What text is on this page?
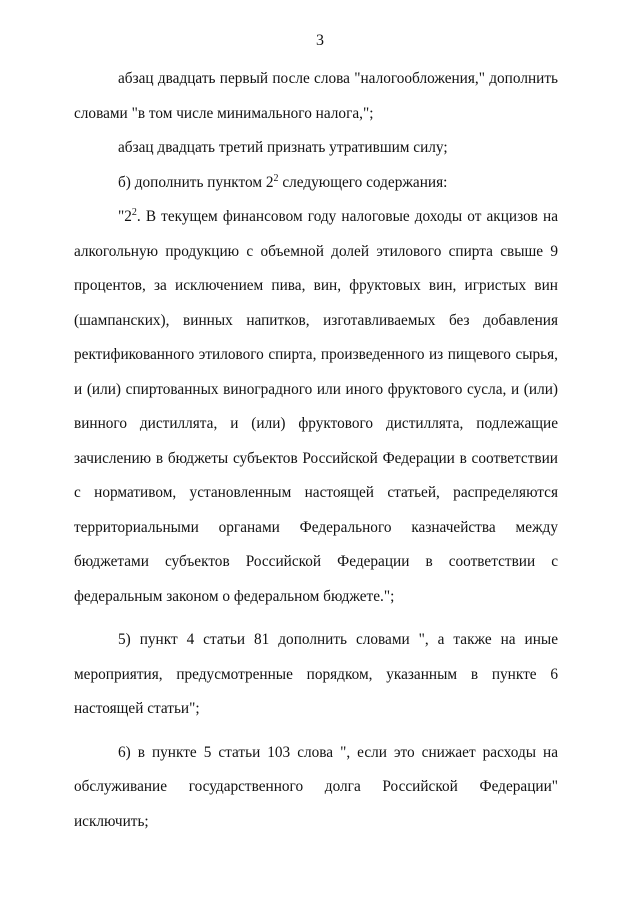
3

абзац двадцать первый после слова "налогообложения," дополнить словами "в том числе минимального налога,";

абзац двадцать третий признать утратившим силу;

б) дополнить пунктом $2^2$ следующего содержания:

"$2^2$. В текущем финансовом году налоговые доходы от акцизов на алкогольную продукцию с объемной долей этилового спирта свыше 9 процентов, за исключением пива, вин, фруктовых вин, игристых вин (шампанских), винных напитков, изготавливаемых без добавления ректификованного этилового спирта, произведенного из пищевого сырья, и (или) спиртованных виноградного или иного фруктового сусла, и (или) винного дистиллята, и (или) фруктового дистиллята, подлежащие зачислению в бюджеты субъектов Российской Федерации в соответствии с нормативом, установленным настоящей статьей, распределяются территориальными органами Федерального казначейства между бюджетами субъектов Российской Федерации в соответствии с федеральным законом о федеральном бюджете.";

5) пункт 4 статьи 81 дополнить словами ", а также на иные мероприятия, предусмотренные порядком, указанным в пункте 6 настоящей статьи";

6) в пункте 5 статьи 103 слова ", если это снижает расходы на обслуживание государственного долга Российской Федерации" исключить;
